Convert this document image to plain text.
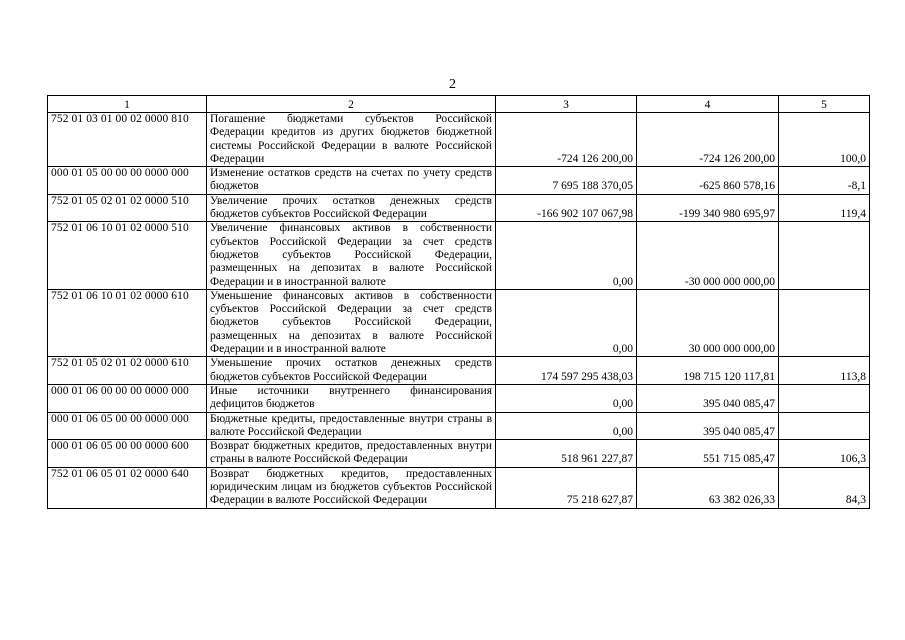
2
1	2	3	4	5
752 01 03 01 00 02 0000 810	Погашение бюджетами субъектов Российской Федерации кредитов из других бюджетов бюджетной системы Российской Федерации в валюте Российской Федерации	-724 126 200,00	-724 126 200,00	100,0
000 01 05 00 00 00 0000 000	Изменение остатков средств на счетах по учету средств бюджетов	7 695 188 370,05	-625 860 578,16	-8,1
752 01 05 02 01 02 0000 510	Увеличение прочих остатков денежных средств бюджетов субъектов Российской Федерации	-166 902 107 067,98	-199 340 980 695,97	119,4
752 01 06 10 01 02 0000 510	Увеличение финансовых активов в собственности субъектов Российской Федерации за счет средств бюджетов субъектов Российской Федерации, размещенных на депозитах в валюте Российской Федерации и в иностранной валюте	0,00	-30 000 000 000,00	
752 01 06 10 01 02 0000 610	Уменьшение финансовых активов в собственности субъектов Российской Федерации за счет средств бюджетов субъектов Российской Федерации, размещенных на депозитах в валюте Российской Федерации и в иностранной валюте	0,00	30 000 000 000,00	
752 01 05 02 01 02 0000 610	Уменьшение прочих остатков денежных средств бюджетов субъектов Российской Федерации	174 597 295 438,03	198 715 120 117,81	113,8
000 01 06 00 00 00 0000 000	Иные источники внутреннего финансирования дефицитов бюджетов	0,00	395 040 085,47	
000 01 06 05 00 00 0000 000	Бюджетные кредиты, предоставленные внутри страны в валюте Российской Федерации	0,00	395 040 085,47	
000 01 06 05 00 00 0000 600	Возврат бюджетных кредитов, предоставленных внутри страны в валюте Российской Федерации	518 961 227,87	551 715 085,47	106,3
752 01 06 05 01 02 0000 640	Возврат бюджетных кредитов, предоставленных юридическим лицам из бюджетов субъектов Российской Федерации в валюте Российской Федерации	75 218 627,87	63 382 026,33	84,3
